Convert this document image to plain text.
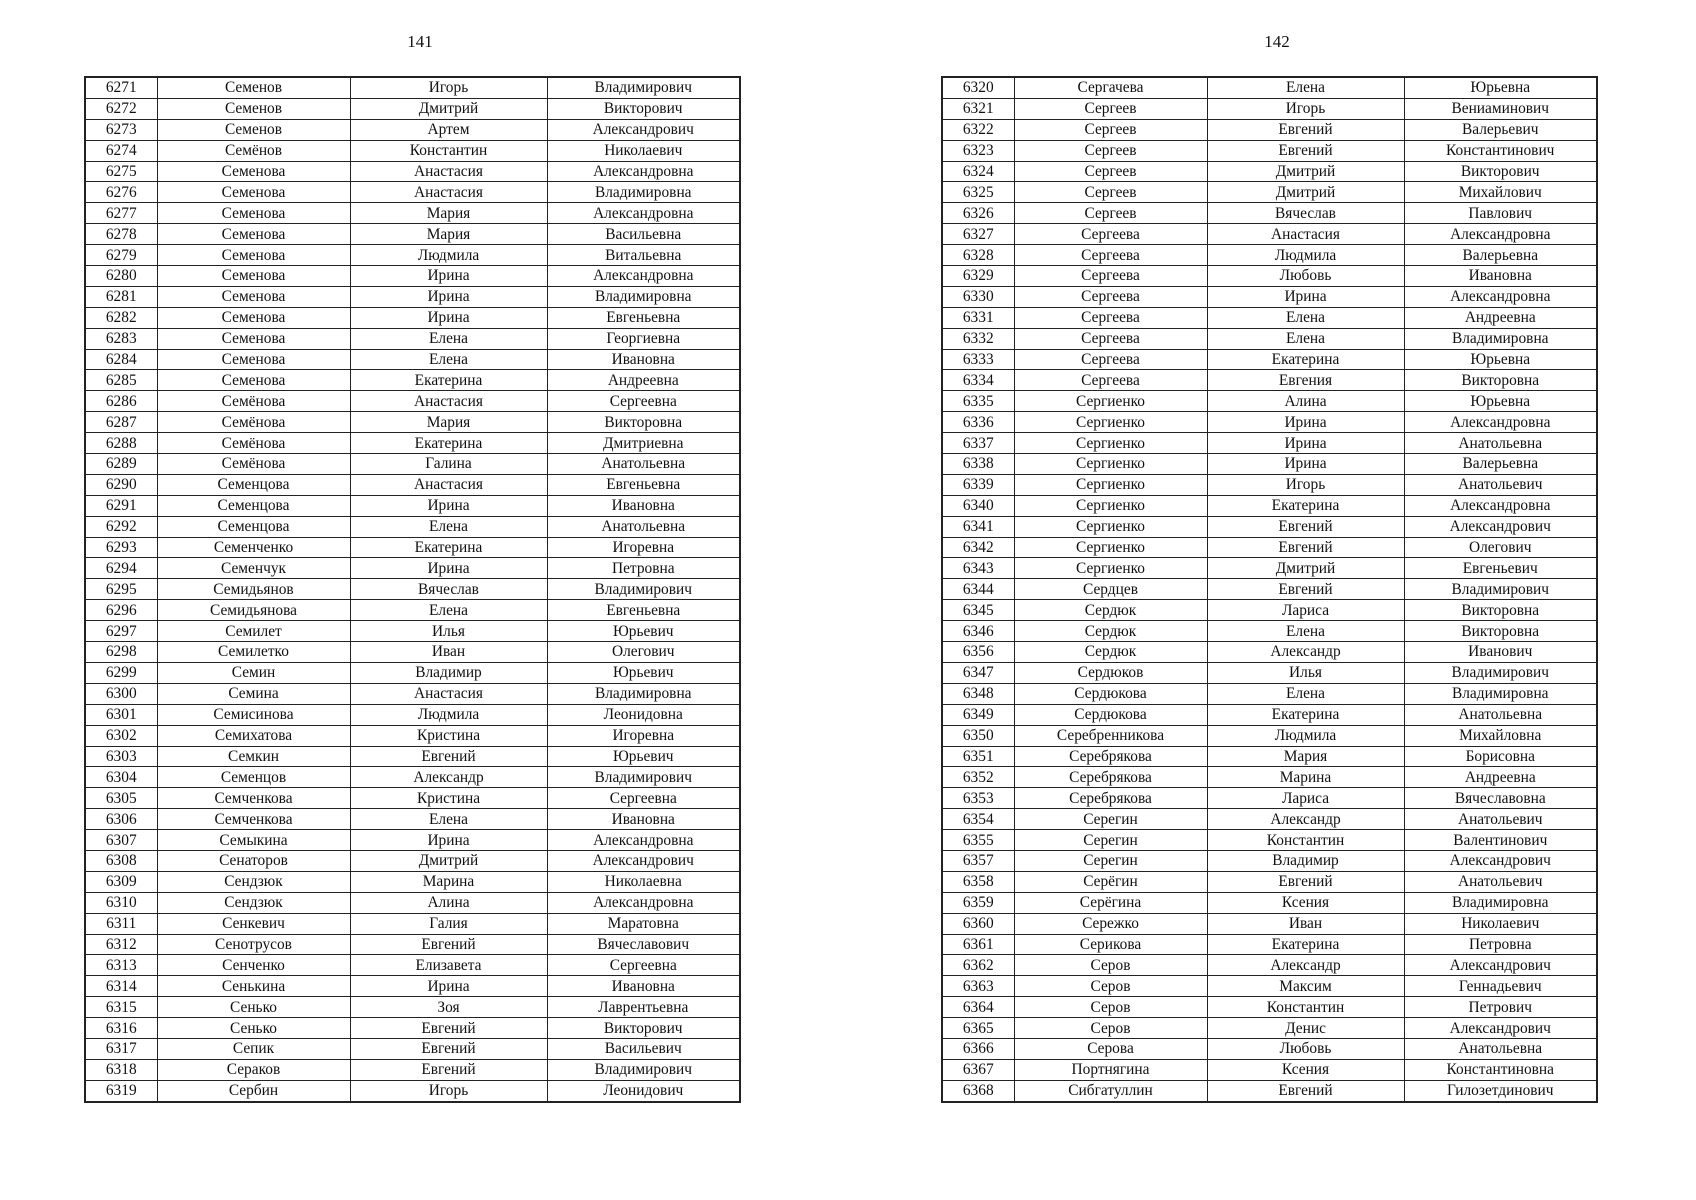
141
6271	Семенов	Игорь	Владимирович
6272	Семенов	Дмитрий	Викторович
6273	Семенов	Артем	Александрович
6274	Семёнов	Константин	Николаевич
6275	Семенова	Анастасия	Александровна
6276	Семенова	Анастасия	Владимировна
6277	Семенова	Мария	Александровна
6278	Семенова	Мария	Васильевна
6279	Семенова	Людмила	Витальевна
6280	Семенова	Ирина	Александровна
6281	Семенова	Ирина	Владимировна
6282	Семенова	Ирина	Евгеньевна
6283	Семенова	Елена	Георгиевна
6284	Семенова	Елена	Ивановна
6285	Семенова	Екатерина	Андреевна
6286	Семёнова	Анастасия	Сергеевна
6287	Семёнова	Мария	Викторовна
6288	Семёнова	Екатерина	Дмитриевна
6289	Семёнова	Галина	Анатольевна
6290	Семенцова	Анастасия	Евгеньевна
6291	Семенцова	Ирина	Ивановна
6292	Семенцова	Елена	Анатольевна
6293	Семенченко	Екатерина	Игоревна
6294	Семенчук	Ирина	Петровна
6295	Семидьянов	Вячеслав	Владимирович
6296	Семидьянова	Елена	Евгеньевна
6297	Семилет	Илья	Юрьевич
6298	Семилетко	Иван	Олегович
6299	Семин	Владимир	Юрьевич
6300	Семина	Анастасия	Владимировна
6301	Семисинова	Людмила	Леонидовна
6302	Семихатова	Кристина	Игоревна
6303	Семкин	Евгений	Юрьевич
6304	Семенцов	Александр	Владимирович
6305	Семченкова	Кристина	Сергеевна
6306	Семченкова	Елена	Ивановна
6307	Семыкина	Ирина	Александровна
6308	Сенаторов	Дмитрий	Александрович
6309	Сендзюк	Марина	Николаевна
6310	Сендзюк	Алина	Александровна
6311	Сенкевич	Галия	Маратовна
6312	Сенотрусов	Евгений	Вячеславович
6313	Сенченко	Елизавета	Сергеевна
6314	Сенькина	Ирина	Ивановна
6315	Сенько	Зоя	Лаврентьевна
6316	Сенько	Евгений	Викторович
6317	Сепик	Евгений	Васильевич
6318	Сераков	Евгений	Владимирович
6319	Сербин	Игорь	Леонидович
142
6320	Сергачева	Елена	Юрьевна
6321	Сергеев	Игорь	Вениаминович
6322	Сергеев	Евгений	Валерьевич
6323	Сергеев	Евгений	Константинович
6324	Сергеев	Дмитрий	Викторович
6325	Сергеев	Дмитрий	Михайлович
6326	Сергеев	Вячеслав	Павлович
6327	Сергеева	Анастасия	Александровна
6328	Сергеева	Людмила	Валерьевна
6329	Сергеева	Любовь	Ивановна
6330	Сергеева	Ирина	Александровна
6331	Сергеева	Елена	Андреевна
6332	Сергеева	Елена	Владимировна
6333	Сергеева	Екатерина	Юрьевна
6334	Сергеева	Евгения	Викторовна
6335	Сергиенко	Алина	Юрьевна
6336	Сергиенко	Ирина	Александровна
6337	Сергиенко	Ирина	Анатольевна
6338	Сергиенко	Ирина	Валерьевна
6339	Сергиенко	Игорь	Анатольевич
6340	Сергиенко	Екатерина	Александровна
6341	Сергиенко	Евгений	Александрович
6342	Сергиенко	Евгений	Олегович
6343	Сергиенко	Дмитрий	Евгеньевич
6344	Сердцев	Евгений	Владимирович
6345	Сердюк	Лариса	Викторовна
6346	Сердюк	Елена	Викторовна
6356	Сердюк	Александр	Иванович
6347	Сердюков	Илья	Владимирович
6348	Сердюкова	Елена	Владимировна
6349	Сердюкова	Екатерина	Анатольевна
6350	Серебренникова	Людмила	Михайловна
6351	Серебрякова	Мария	Борисовна
6352	Серебрякова	Марина	Андреевна
6353	Серебрякова	Лариса	Вячеславовна
6354	Серегин	Александр	Анатольевич
6355	Серегин	Константин	Валентинович
6357	Серегин	Владимир	Александрович
6358	Серёгин	Евгений	Анатольевич
6359	Серёгина	Ксения	Владимировна
6360	Сережко	Иван	Николаевич
6361	Серикова	Екатерина	Петровна
6362	Серов	Александр	Александрович
6363	Серов	Максим	Геннадьевич
6364	Серов	Константин	Петрович
6365	Серов	Денис	Александрович
6366	Серова	Любовь	Анатольевна
6367	Портнягина	Ксения	Константиновна
6368	Сибгатуллин	Евгений	Гилозетдинович
